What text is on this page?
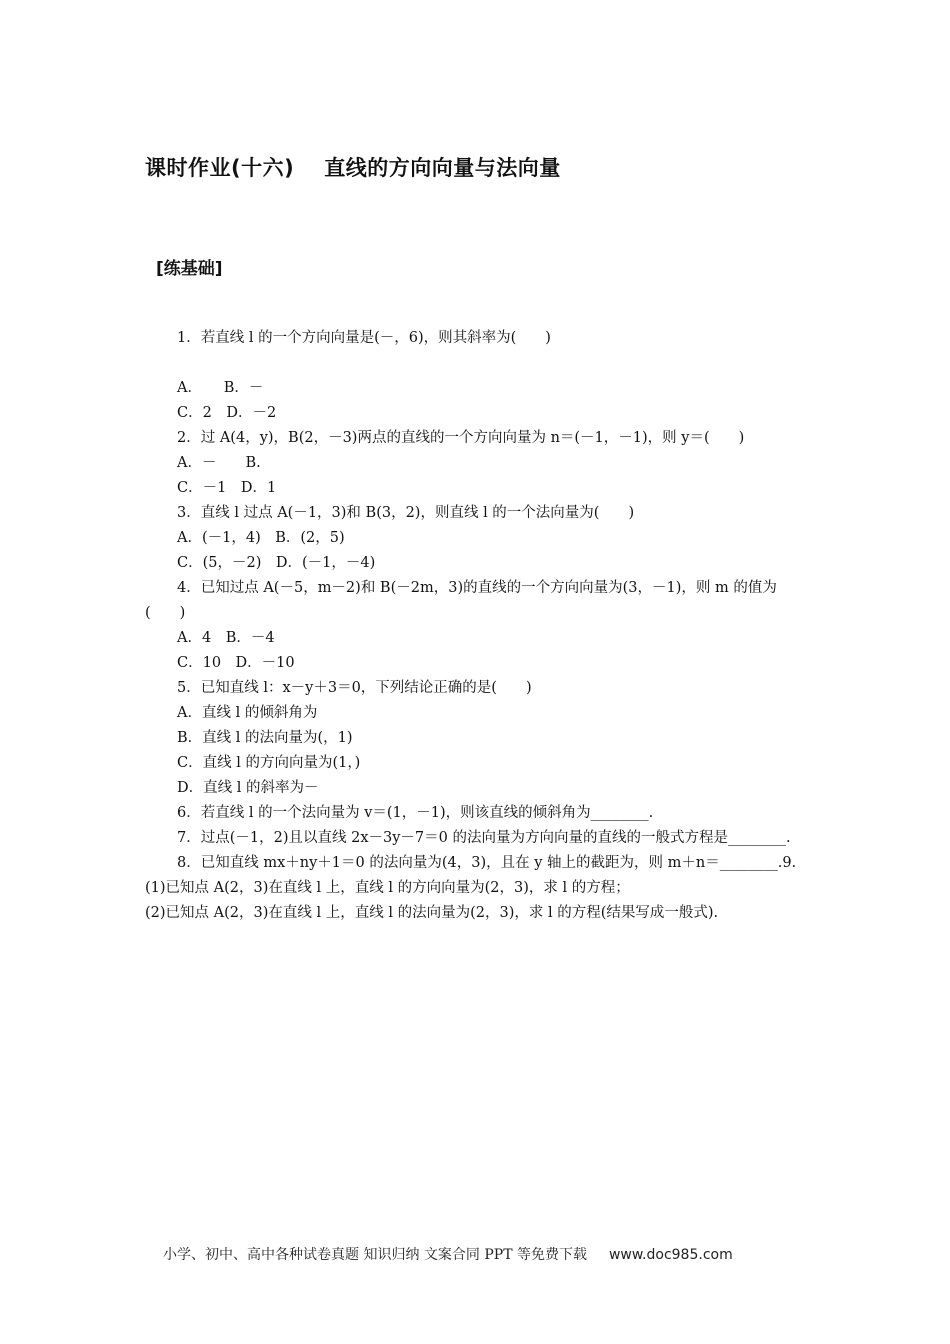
课时作业(十六) 直线的方向向量与法向量
[练基础]
1．若直线 l 的一个方向向量是(－，6)，则其斜率为(　　)
A．　　B．－
C．2　D．－2
2．过 A(4，y)，B(2，－3)两点的直线的一个方向向量为 n＝(－1，－1)，则 y＝(　　)
A．－　　B.
C．－1　D．1
3．直线 l 过点 A(－1，3)和 B(3，2)，则直线 l 的一个法向量为(　　)
A．(－1，4)　B．(2，5)
C．(5，－2)　D．(－1，－4)
4．已知过点 A(－5，m－2)和 B(－2m，3)的直线的一个方向向量为(3，－1)，则 m 的值为(　　)
A．4　B．－4
C．10　D．－10
5．已知直线 l：x－y＋3＝0，下列结论正确的是(　　)
A．直线 l 的倾斜角为
B．直线 l 的法向量为(，1)
C．直线 l 的方向向量为(1，)
D．直线 l 的斜率为－
6．若直线 l 的一个法向量为 v＝(1，－1)，则该直线的倾斜角为________.
7．过点(－1，2)且以直线 2x－3y－7＝0 的法向量为方向向量的直线的一般式方程是________.
8．已知直线 mx＋ny＋1＝0 的法向量为(4，3)，且在 y 轴上的截距为，则 m＋n＝________.9.(1)已知点 A(2，3)在直线 l 上，直线 l 的方向向量为(2，3)，求 l 的方程；
(2)已知点 A(2，3)在直线 l 上，直线 l 的法向量为(2，3)，求 l 的方程(结果写成一般式).
小学、初中、高中各种试卷真题 知识归纳 文案合同 PPT 等免费下载 www.doc985.com
